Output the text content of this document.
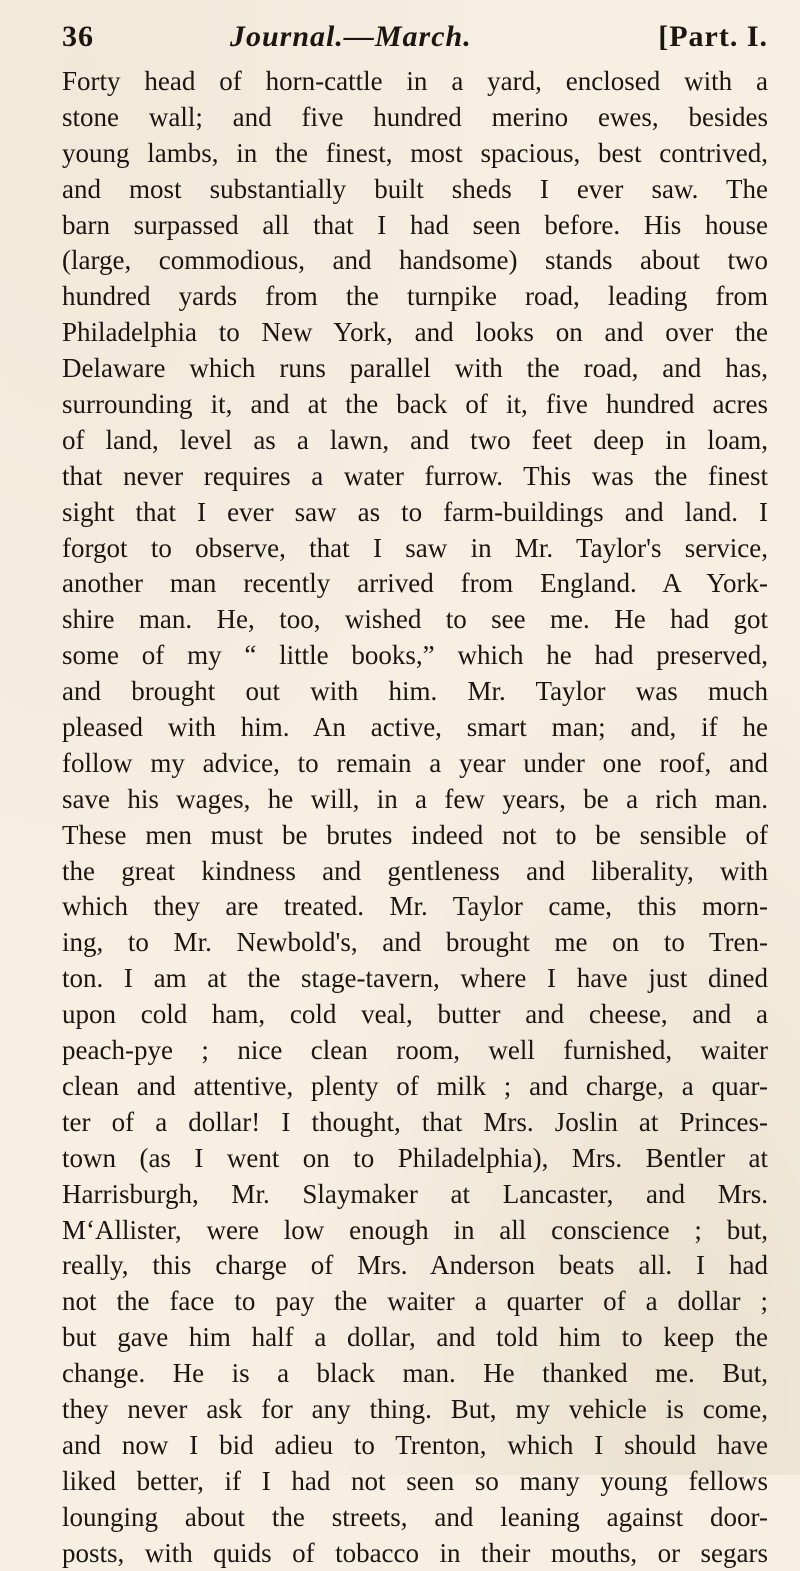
36	Journal.—March.	[Part. I.
Forty head of horn-cattle in a yard, enclosed with a
stone wall; and five hundred merino ewes, besides
young lambs, in the finest, most spacious, best contrived,
and most substantially built sheds I ever saw. The
barn surpassed all that I had seen before. His house
(large, commodious, and handsome) stands about two
hundred yards from the turnpike road, leading from
Philadelphia to New York, and looks on and over the
Delaware which runs parallel with the road, and has,
surrounding it, and at the back of it, five hundred acres
of land, level as a lawn, and two feet deep in loam,
that never requires a water furrow. This was the finest
sight that I ever saw as to farm-buildings and land. I
forgot to observe, that I saw in Mr. Taylor's service,
another man recently arrived from England. A York-
shire man. He, too, wished to see me. He had got
some of my “ little books,” which he had preserved,
and brought out with him. Mr. Taylor was much
pleased with him. An active, smart man; and, if he
follow my advice, to remain a year under one roof, and
save his wages, he will, in a few years, be a rich man.
These men must be brutes indeed not to be sensible of
the great kindness and gentleness and liberality, with
which they are treated. Mr. Taylor came, this morn-
ing, to Mr. Newbold's, and brought me on to Tren-
ton. I am at the stage-tavern, where I have just dined
upon cold ham, cold veal, butter and cheese, and a
peach-pye ; nice clean room, well furnished, waiter
clean and attentive, plenty of milk ; and charge, a quar-
ter of a dollar! I thought, that Mrs. Joslin at Princes-
town (as I went on to Philadelphia), Mrs. Bentler at
Harrisburgh, Mr. Slaymaker at Lancaster, and Mrs.
M‘Allister, were low enough in all conscience ; but,
really, this charge of Mrs. Anderson beats all. I had
not the face to pay the waiter a quarter of a dollar ;
but gave him half a dollar, and told him to keep the
change. He is a black man. He thanked me. But,
they never ask for any thing. But, my vehicle is come,
and now I bid adieu to Trenton, which I should have
liked better, if I had not seen so many young fellows
lounging about the streets, and leaning against door-
posts, with quids of tobacco in their mouths, or segars
